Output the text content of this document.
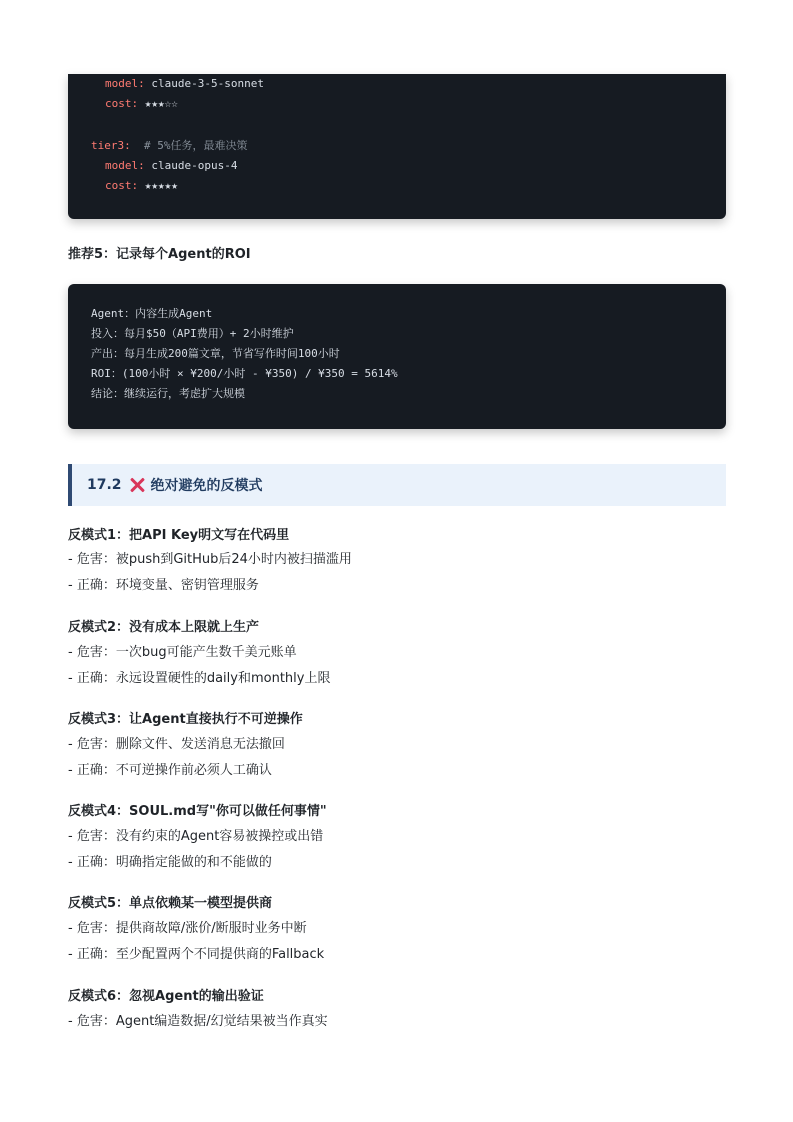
model: claude-3-5-sonnet
cost: ★★★☆☆
tier3:  # 5%任务，最难决策
model: claude-opus-4
cost: ★★★★★
推荐5：记录每个Agent的ROI
Agent：内容生成Agent
投入：每月$50（API费用）+ 2小时维护
产出：每月生成200篇文章，节省写作时间100小时
ROI：(100小时 × ¥200/小时 - ¥350) / ¥350 = 5614%
结论：继续运行，考虑扩大规模
17.2 绝对避免的反模式
反模式1：把API Key明文写在代码里
- 危害：被push到GitHub后24小时内被扫描滥用
- 正确：环境变量、密钥管理服务
反模式2：没有成本上限就上生产
- 危害：一次bug可能产生数千美元账单
- 正确：永远设置硬性的daily和monthly上限
反模式3：让Agent直接执行不可逆操作
- 危害：删除文件、发送消息无法撤回
- 正确：不可逆操作前必须人工确认
反模式4：SOUL.md写"你可以做任何事情"
- 危害：没有约束的Agent容易被操控或出错
- 正确：明确指定能做的和不能做的
反模式5：单点依赖某一模型提供商
- 危害：提供商故障/涨价/断服时业务中断
- 正确：至少配置两个不同提供商的Fallback
反模式6：忽视Agent的输出验证
- 危害：Agent编造数据/幻觉结果被当作真实
